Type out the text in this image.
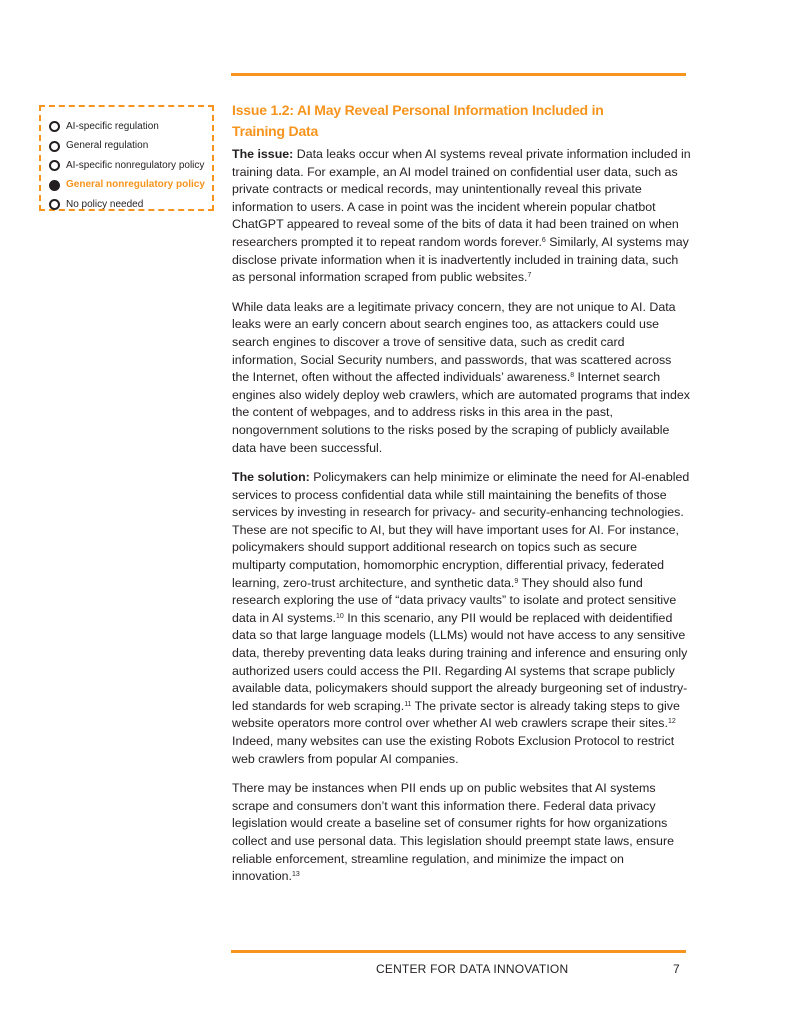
AI-specific regulation
General regulation
AI-specific nonregulatory policy
General nonregulatory policy
No policy needed
Issue 1.2: AI May Reveal Personal Information Included in
Training Data

The issue: Data leaks occur when AI systems reveal private information included in training data. For example, an AI model trained on confidential user data, such as private contracts or medical records, may unintentionally reveal this private information to users. A case in point was the incident wherein popular chatbot ChatGPT appeared to reveal some of the bits of data it had been trained on when researchers prompted it to repeat random words forever.$^6$ Similarly, AI systems may disclose private information when it is inadvertently included in training data, such as personal information scraped from public websites.$^7$

While data leaks are a legitimate privacy concern, they are not unique to AI. Data leaks were an early concern about search engines too, as attackers could use search engines to discover a trove of sensitive data, such as credit card information, Social Security numbers, and passwords, that was scattered across the Internet, often without the affected individuals’ awareness.$^8$ Internet search engines also widely deploy web crawlers, which are automated programs that index the content of webpages, and to address risks in this area in the past, nongovernment solutions to the risks posed by the scraping of publicly available data have been successful.

The solution: Policymakers can help minimize or eliminate the need for AI-enabled services to process confidential data while still maintaining the benefits of those services by investing in research for privacy- and security-enhancing technologies. These are not specific to AI, but they will have important uses for AI. For instance, policymakers should support additional research on topics such as secure multiparty computation, homomorphic encryption, differential privacy, federated learning, zero-trust architecture, and synthetic data.$^9$ They should also fund research exploring the use of “data privacy vaults” to isolate and protect sensitive data in AI systems.$^{10}$ In this scenario, any PII would be replaced with deidentified data so that large language models (LLMs) would not have access to any sensitive data, thereby preventing data leaks during training and inference and ensuring only authorized users could access the PII. Regarding AI systems that scrape publicly available data, policymakers should support the already burgeoning set of industry-led standards for web scraping.$^{11}$ The private sector is already taking steps to give website operators more control over whether AI web crawlers scrape their sites.$^{12}$ Indeed, many websites can use the existing Robots Exclusion Protocol to restrict web crawlers from popular AI companies.

There may be instances when PII ends up on public websites that AI systems scrape and consumers don’t want this information there. Federal data privacy legislation would create a baseline set of consumer rights for how organizations collect and use personal data. This legislation should preempt state laws, ensure reliable enforcement, streamline regulation, and minimize the impact on innovation.$^{13}$

CENTER FOR DATA INNOVATION	7
